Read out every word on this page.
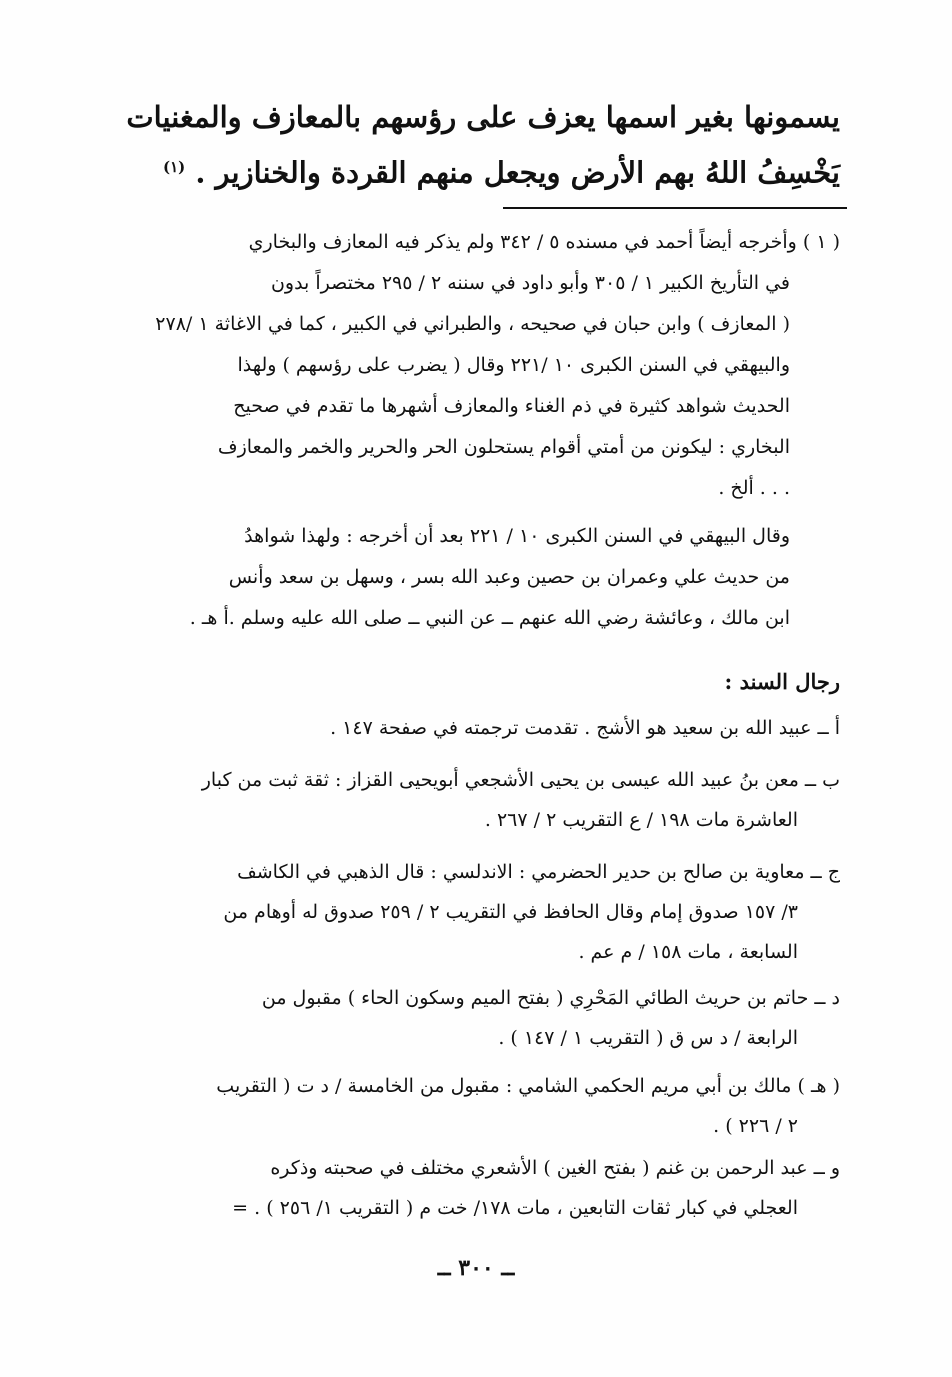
يسمونها بغير اسمها يعزف على رؤسهم بالمعازف والمغنيات
يَخْسِفُ اللهُ بهم الأرض ويجعل منهم القردة والخنازير . $^{(١)}$
( ١ ) وأخرجه أيضاً أحمد في مسنده ٥ / ٣٤٢ ولم يذكر فيه المعازف والبخاري
في التأريخ الكبير ١ / ٣٠٥ وأبو داود في سننه ٢ / ٢٩٥ مختصراً بدون
( المعازف ) وابن حبان في صحيحه ، والطبراني في الكبير ، كما في الاغاثة ١ /٢٧٨
والبيهقي في السنن الكبرى ١٠ /٢٢١ وقال ( يضرب على رؤسهم ) ولهذا
الحديث شواهد كثيرة في ذم الغناء والمعازف أشهرها ما تقدم في صحيح
البخاري : ليكونن من أمتي أقوام يستحلون الحر والحرير والخمر والمعازف
. . . ألخ .
وقال البيهقي في السنن الكبرى ١٠ / ٢٢١ بعد أن أخرجه : ولهذا شواهدُ
من حديث علي وعمران بن حصين وعبد الله بسر ، وسهل بن سعد وأنس
ابن مالك ، وعائشة رضي الله عنهم ــ عن النبي ــ صلى الله عليه وسلم .أ هـ .
رجال السند :
أ ــ عبيد الله بن سعيد هو الأشج . تقدمت ترجمته في صفحة ١٤٧ .
ب ــ معن بنُ عبيد الله عيسى بن يحيى الأشجعي أبويحيى القزاز : ثقة ثبت من كبار
العاشرة مات ١٩٨ / ع التقريب ٢ / ٢٦٧ .
ج ــ معاوية بن صالح بن حدير الحضرمي : الاندلسي : قال الذهبي في الكاشف
٣/ ١٥٧ صدوق إمام وقال الحافظ في التقريب ٢ / ٢٥٩ صدوق له أوهام من
السابعة ، مات ١٥٨ / م عم .
د ــ حاتم بن حريث الطائي المَحْرِي ( بفتح الميم وسكون الحاء ) مقبول من
الرابعة / د س ق ( التقريب ١ / ١٤٧ ) .
( هـ ) مالك بن أبي مريم الحكمي الشامي : مقبول من الخامسة / د ت ( التقريب
٢ / ٢٢٦ ) .
و ــ عبد الرحمن بن غنم ( بفتح الغين ) الأشعري مختلف في صحبته وذكره
العجلي في كبار ثقات التابعين ، مات ١٧٨/ خت م ( التقريب ١/ ٢٥٦ ) . =
ــ ٣٠٠ ــ
